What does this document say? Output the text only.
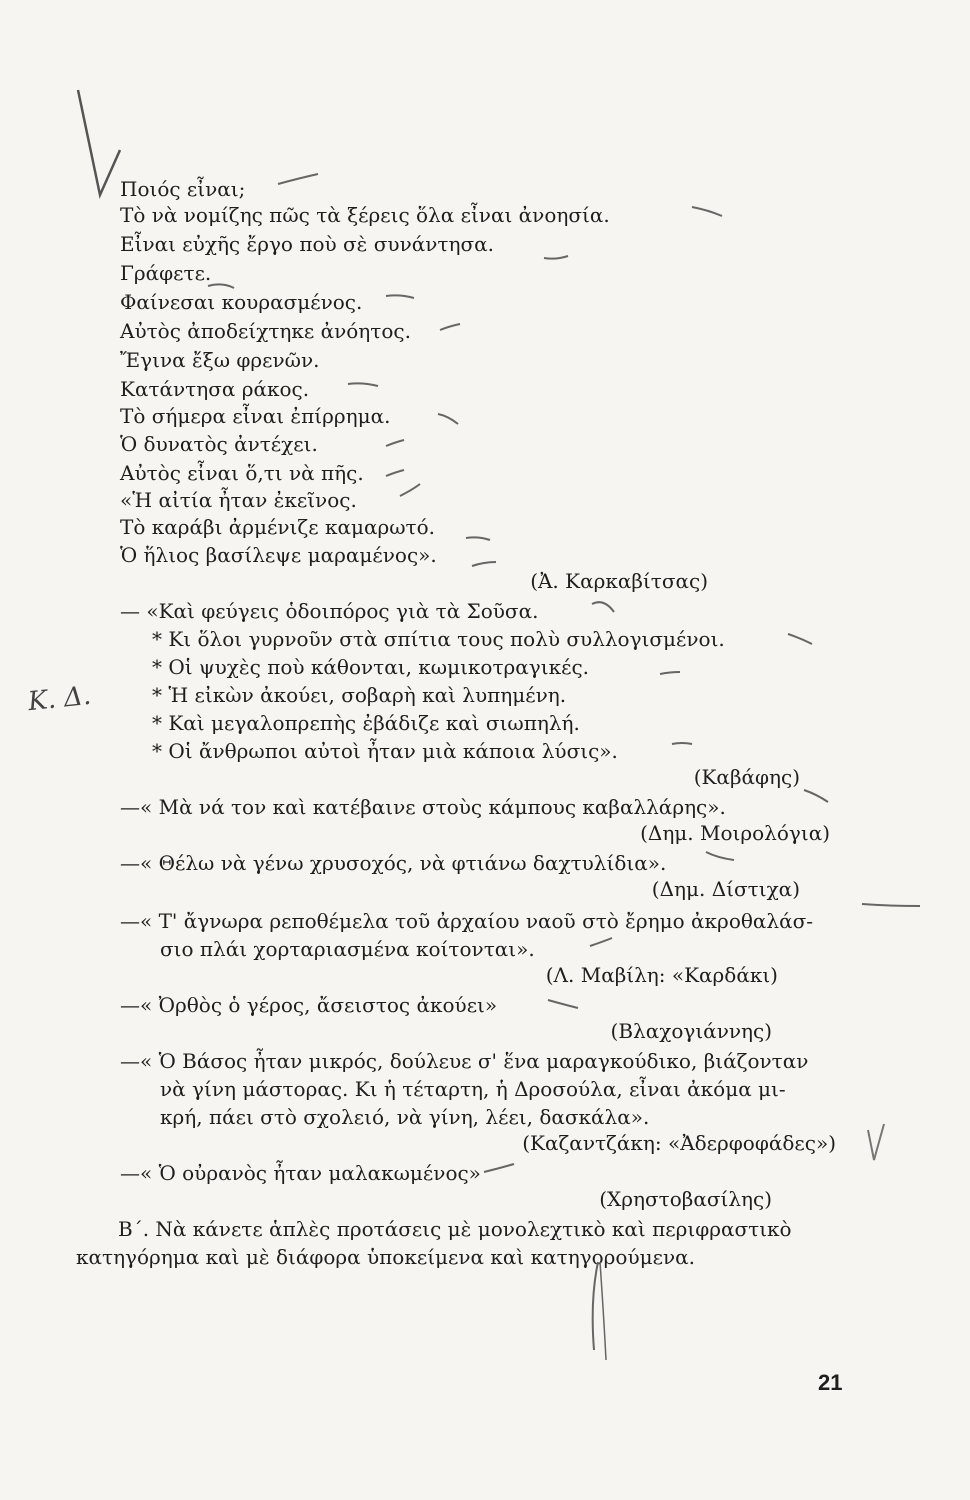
Ποιός εἶναι;
Τὸ νὰ νομίζης πῶς τὰ ξέρεις ὅλα εἶναι ἀνοησία.
Εἶναι εὐχῆς ἔργο ποὺ σὲ συνάντησα.
Γράφετε.
Φαίνεσαι κουρασμένος.
Αὐτὸς ἀποδείχτηκε ἀνόητος.
Ἔγινα ἔξω φρενῶν.
Κατάντησα ράκος.
Τὸ σήμερα εἶναι ἐπίρρημα.
Ὁ δυνατὸς ἀντέχει.
Αὐτὸς εἶναι ὅ,τι νὰ πῆς.
«Ἡ αἰτία ἦταν ἐκεῖνος.
Τὸ καράβι ἀρμένιζε καμαρωτό.
Ὁ ἥλιος βασίλεψε μαραμένος».
(Ἀ. Καρκαβίτσας)
— «Καὶ φεύγεις ὁδοιπόρος γιὰ τὰ Σοῦσα.
* Κι ὅλοι γυρνοῦν στὰ σπίτια τους πολὺ συλλογισμένοι.
* Οἱ ψυχὲς ποὺ κάθονται, κωμικοτραγικές.
* Ἡ εἰκὼν ἀκούει, σοβαρὴ καὶ λυπημένη.
* Καὶ μεγαλοπρεπὴς ἐβάδιζε καὶ σιωπηλή.
* Οἱ ἄνθρωποι αὐτοὶ ἦταν μιὰ κάποια λύσις».
(Καβάφης)
—« Μὰ νά τον καὶ κατέβαινε στοὺς κάμπους καβαλλάρης».
(Δημ. Μοιρολόγια)
—« Θέλω νὰ γένω χρυσοχός, νὰ φτιάνω δαχτυλίδια».
(Δημ. Δίστιχα)
—« Τ' ἄγνωρα ρεποθέμελα τοῦ ἀρχαίου ναοῦ στὸ ἔρημο ἀκροθαλάσ-
σιο πλάι χορταριασμένα κοίτονται».
(Λ. Μαβίλη: «Καρδάκι)
—« Ὀρθὸς ὁ γέρος, ἄσειστος ἀκούει»
(Βλαχογιάννης)
—« Ὁ Βάσος ἦταν μικρός, δούλευε σ' ἕνα μαραγκούδικο, βιάζονταν
νὰ γίνη μάστορας. Κι ἡ τέταρτη, ἡ Δροσούλα, εἶναι ἀκόμα μι-
κρή, πάει στὸ σχολειό, νὰ γίνη, λέει, δασκάλα».
(Καζαντζάκη: «Ἀδερφοφάδες»)
—« Ὁ οὐρανὸς ἦταν μαλακωμένος»
(Χρηστοβασίλης)
Β΄. Νὰ κάνετε ἁπλὲς προτάσεις μὲ μονολεχτικὸ καὶ περιφραστικὸ
κατηγόρημα καὶ μὲ διάφορα ὑποκείμενα καὶ κατηγορούμενα.
Κ. Δ.
21
